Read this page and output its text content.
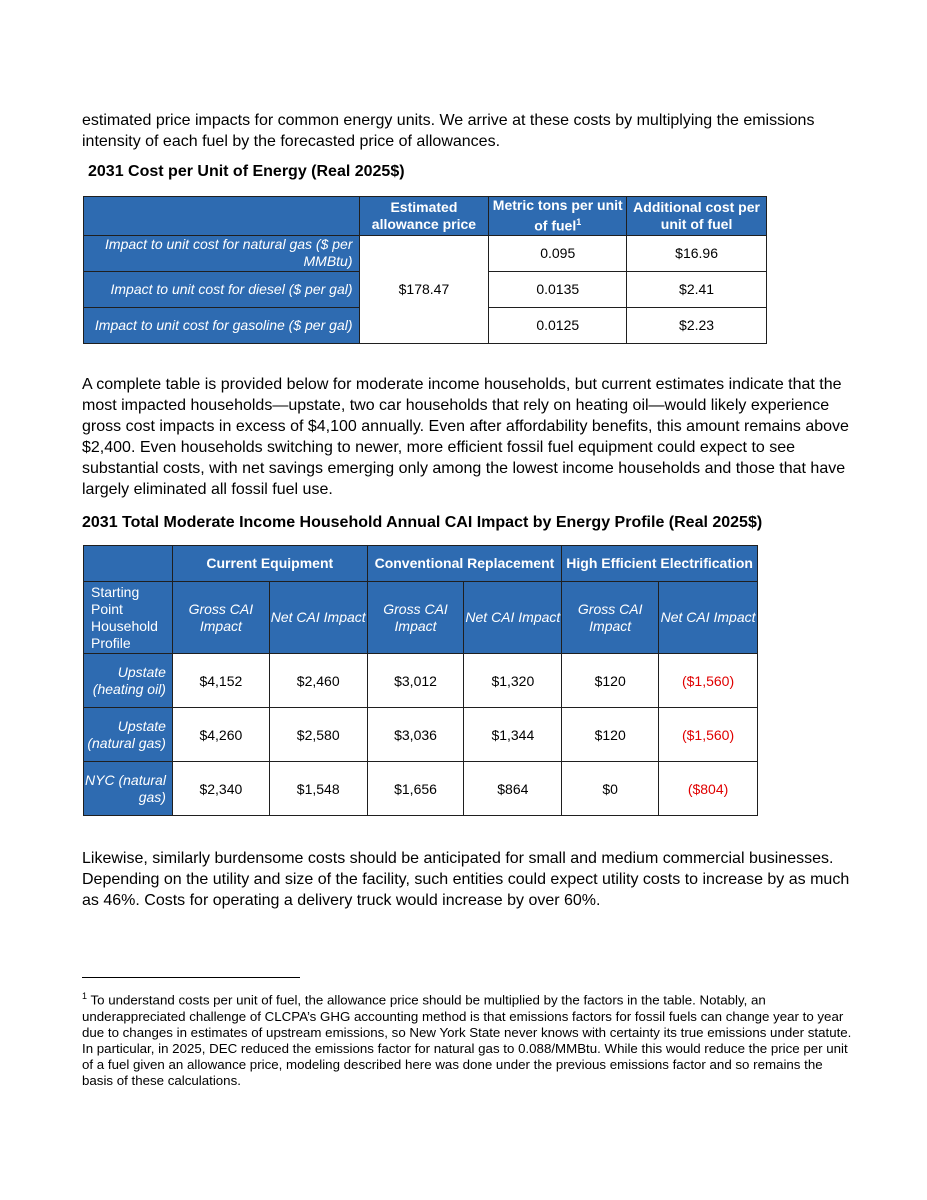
estimated price impacts for common energy units. We arrive at these costs by multiplying the emissions intensity of each fuel by the forecasted price of allowances.

2031 Cost per Unit of Energy (Real 2025$)

	Estimated allowance price	Metric tons per unit of fuel$^1$	Additional cost per unit of fuel
Impact to unit cost for natural gas ($ per MMBtu)	$178.47	0.095	$16.96
Impact to unit cost for diesel ($ per gal)		0.0135	$2.41
Impact to unit cost for gasoline ($ per gal)		0.0125	$2.23

A complete table is provided below for moderate income households, but current estimates indicate that the most impacted households—upstate, two car households that rely on heating oil—would likely experience gross cost impacts in excess of $4,100 annually. Even after affordability benefits, this amount remains above $2,400. Even households switching to newer, more efficient fossil fuel equipment could expect to see substantial costs, with net savings emerging only among the lowest income households and those that have largely eliminated all fossil fuel use.

2031 Total Moderate Income Household Annual CAI Impact by Energy Profile (Real 2025$)

	Current Equipment		Conventional Replacement		High Efficient Electrification	
Starting Point Household Profile	Gross CAI Impact	Net CAI Impact	Gross CAI Impact	Net CAI Impact	Gross CAI Impact	Net CAI Impact
Upstate (heating oil)	$4,152	$2,460	$3,012	$1,320	$120	($1,560)
Upstate (natural gas)	$4,260	$2,580	$3,036	$1,344	$120	($1,560)
NYC (natural gas)	$2,340	$1,548	$1,656	$864	$0	($804)

Likewise, similarly burdensome costs should be anticipated for small and medium commercial businesses. Depending on the utility and size of the facility, such entities could expect utility costs to increase by as much as 46%. Costs for operating a delivery truck would increase by over 60%.

$^1$ To understand costs per unit of fuel, the allowance price should be multiplied by the factors in the table. Notably, an underappreciated challenge of CLCPA’s GHG accounting method is that emissions factors for fossil fuels can change year to year due to changes in estimates of upstream emissions, so New York State never knows with certainty its true emissions under statute. In particular, in 2025, DEC reduced the emissions factor for natural gas to 0.088/MMBtu. While this would reduce the price per unit of a fuel given an allowance price, modeling described here was done under the previous emissions factor and so remains the basis of these calculations.
